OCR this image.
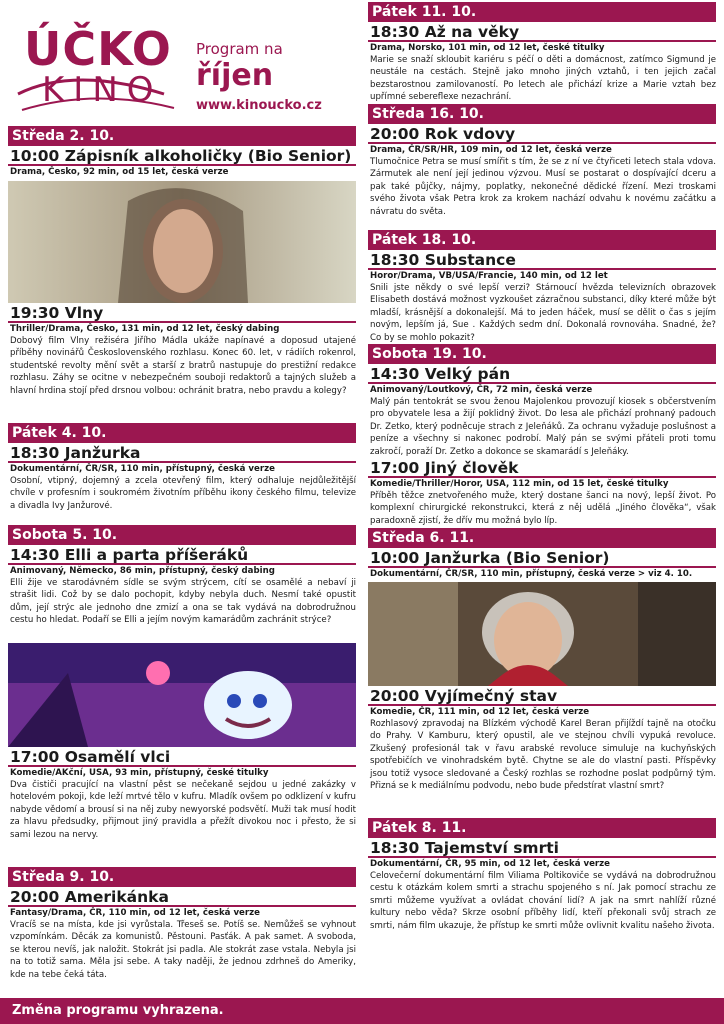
ÚČKO
KINO
Program na
říjen
www.kinoucko.cz
Středa 2. 10.
10:00 Zápisník alkoholičky (Bio Senior)
Drama, Česko, 92 min, od 15 let, česká verze
19:30 Vlny
Thriller/Drama, Česko, 131 min, od 12 let, český dabing
Dobový film Vlny režiséra Jiřího Mádla ukáže napínavé a doposud utajené příběhy novinářů Československého rozhlasu. Konec 60. let, v rádiích rokenrol, studentské revolty mění svět a starší z bratrů nastupuje do prestižní redakce rozhlasu. Záhy se ocitne v nebezpečném souboji redaktorů a tajných služeb a hlavní hrdina stojí před drsnou volbou: ochránit bratra, nebo pravdu a kolegy?
Pátek 4. 10.
18:30 Janžurka
Dokumentární, ČR/SR, 110 min, přístupný, česká verze
Osobní, vtipný, dojemný a zcela otevřený film, který odhaluje nejdůležitější chvíle v profesním i soukromém životním příběhu ikony českého filmu, televize a divadla Ivy Janžurové.
Sobota 5. 10.
14:30 Elli a parta příšeráků
Animovaný, Německo, 86 min, přístupný, český dabing
Elli žije ve starodávném sídle se svým strýcem, cítí se osamělé a nebaví ji strašit lidi. Což by se dalo pochopit, kdyby nebyla duch. Nesmí také opustit dům, její strýc ale jednoho dne zmizí a ona se tak vydává na dobrodružnou cestu ho hledat. Podaří se Elli a jejím novým kamarádům zachránit strýce?
17:00 Osamělí vlci
Komedie/AKční, USA, 93 min, přístupný, české titulky
Dva čističi pracující na vlastní pěst se nečekaně sejdou u jedné zakázky v hotelovém pokoji, kde leží mrtvé tělo v kufru. Mladík ovšem po odklizení v kufru nabyde vědomí a brousí si na něj zuby newyorské podsvětí. Muži tak musí hodit za hlavu předsudky, přijmout jiný pravidla a přežít divokou noc i přesto, že si sami lezou na nervy.
Středa 9. 10.
20:00 Amerikánka
Fantasy/Drama, ČR, 110 min, od 12 let, česká verze
Vracíš se na místa, kde jsi vyrůstala. Třeseš se. Potíš se. Nemůžeš se vyhnout vzpomínkám. Děcák za komunistů. Pěstouni. Pasťák. A pak samet. A svoboda, se kterou nevíš, jak naložit. Stokrát jsi padla. Ale stokrát zase vstala. Nebyla jsi na to totiž sama. Měla jsi sebe. A taky naději, že jednou zdrhneš do Ameriky, kde na tebe čeká táta.
Pátek 11. 10.
18:30 Až na věky
Drama, Norsko, 101 min, od 12 let, české titulky
Marie se snaží skloubit kariéru s péčí o děti a domácnost, zatímco Sigmund je neustále na cestách. Stejně jako mnoho jiných vztahů, i ten jejich začal bezstarostnou zamilovaností. Po letech ale přichází krize a Marie vztah bez upřímné sebereflexe nezachrání.
Středa 16. 10.
20:00 Rok vdovy
Drama, ČR/SR/HR, 109 min, od 12 let, česká verze
Tlumočnice Petra se musí smířit s tím, že se z ní ve čtyřiceti letech stala vdova. Zármutek ale není její jedinou výzvou. Musí se postarat o dospívající dceru a pak také půjčky, nájmy, poplatky, nekonečné dědické řízení. Mezi troskami svého života však Petra krok za krokem nachází odvahu k novému začátku a návratu do světa.
Pátek 18. 10.
18:30 Substance
Horor/Drama, VB/USA/Francie, 140 min, od 12 let
Snili jste někdy o své lepší verzi? Stárnoucí hvězda televizních obrazovek Elisabeth dostává možnost vyzkoušet zázračnou substanci, díky které může být mladší, krásnější a dokonalejší. Má to jeden háček, musí se dělit o čas s jejím novým, lepším já, Sue . Každých sedm dní. Dokonalá rovnováha. Snadné, že? Co by se mohlo pokazit?
Sobota 19. 10.
14:30 Velký pán
Animovaný/Loutkový, ČR, 72 min, česká verze
Malý pán tentokrát se svou ženou Majolenkou provozují kiosek s občerstvením pro obyvatele lesa a žijí poklidný život. Do lesa ale přichází prohnaný padouch Dr. Zetko, který podněcuje strach z Jeleňáků. Za ochranu vyžaduje poslušnost a peníze a všechny si nakonec podrobí. Malý pán se svými přáteli proti tomu zakročí, poraží Dr. Zetko a dokonce se skamarádí s Jeleňáky.
17:00 Jiný člověk
Komedie/Thriller/Horor, USA, 112 min, od 15 let, české titulky
Příběh těžce znetvořeného muže, který dostane šanci na nový, lepší život. Po komplexní chirurgické rekonstrukci, která z něj udělá „Jiného člověka“, však paradoxně zjistí, že dřív mu možná bylo líp.
Středa 6. 11.
10:00 Janžurka (Bio Senior)
Dokumentární, ČR/SR, 110 min, přístupný, česká verze > viz 4. 10.
20:00 Vyjímečný stav
Komedie, ČR, 111 min, od 12 let, česká verze
Rozhlasový zpravodaj na Blízkém východě Karel Beran přijíždí tajně na otočku do Prahy. V Kamburu, který opustil, ale ve stejnou chvíli vypuká revoluce. Zkušený profesionál tak v řavu arabské revoluce simuluje na kuchyňských spotřebičích ve vinohradském bytě. Chytne se ale do vlastní pasti. Příspěvky jsou totiž vysoce sledované a Český rozhlas se rozhodne poslat podpůrný tým. Přizná se k mediálnímu podvodu, nebo bude předstírat vlastní smrt?
Pátek 8. 11.
18:30 Tajemství smrti
Dokumentární, ČR, 95 min, od 12 let, česká verze
Celovečerní dokumentární film Viliama Poltikoviče se vydává na dobrodružnou cestu k otázkám kolem smrti a strachu spojeného s ní. Jak pomocí strachu ze smrti můžeme využívat a ovládat chování lidí? A jak na smrt nahlíží různé kultury nebo věda? Skrze osobní příběhy lidí, kteří překonali svůj strach ze smrti, nám film ukazuje, že přístup ke smrti může ovlivnit kvalitu našeho života.
Změna programu vyhrazena.
